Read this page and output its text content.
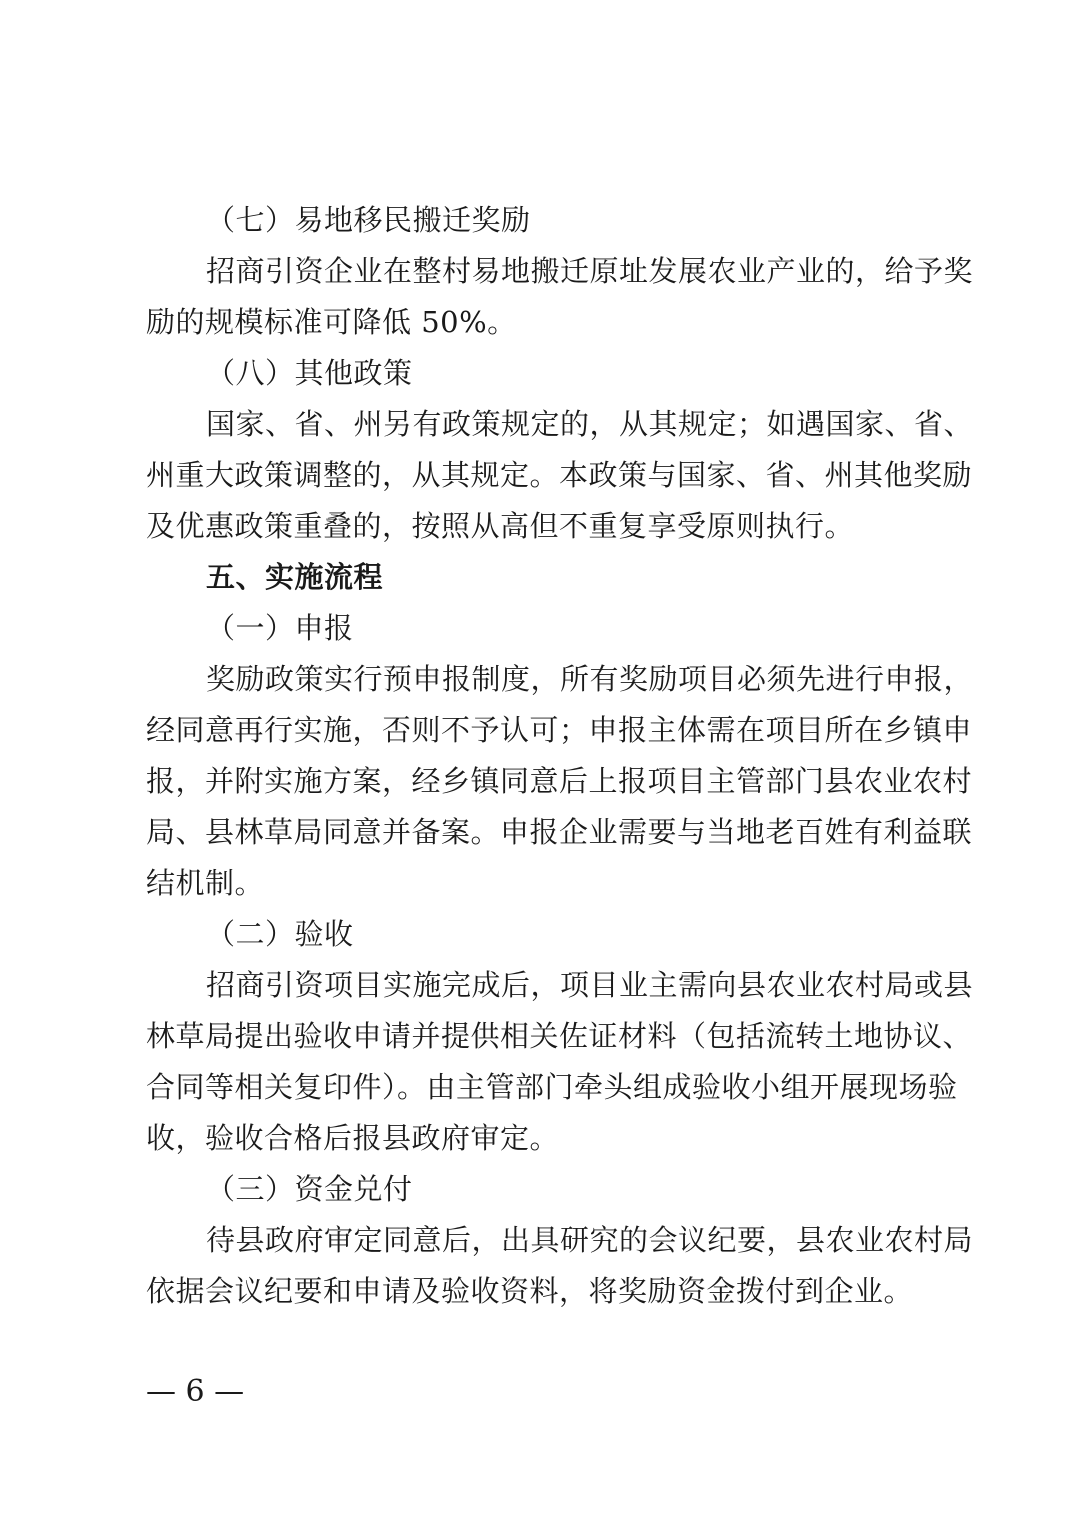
（七）易地移民搬迁奖励
招商引资企业在整村易地搬迁原址发展农业产业的，给予奖
励的规模标准可降低 50%。
（八）其他政策
国家、省、州另有政策规定的，从其规定；如遇国家、省、
州重大政策调整的，从其规定。本政策与国家、省、州其他奖励
及优惠政策重叠的，按照从高但不重复享受原则执行。
五、实施流程
（一）申报
奖励政策实行预申报制度，所有奖励项目必须先进行申报，
经同意再行实施，否则不予认可；申报主体需在项目所在乡镇申
报，并附实施方案，经乡镇同意后上报项目主管部门县农业农村
局、县林草局同意并备案。申报企业需要与当地老百姓有利益联
结机制。
（二）验收
招商引资项目实施完成后，项目业主需向县农业农村局或县
林草局提出验收申请并提供相关佐证材料（包括流转土地协议、
合同等相关复印件）。由主管部门牵头组成验收小组开展现场验
收，验收合格后报县政府审定。
（三）资金兑付
待县政府审定同意后，出具研究的会议纪要，县农业农村局
依据会议纪要和申请及验收资料，将奖励资金拨付到企业。
— 6 —
